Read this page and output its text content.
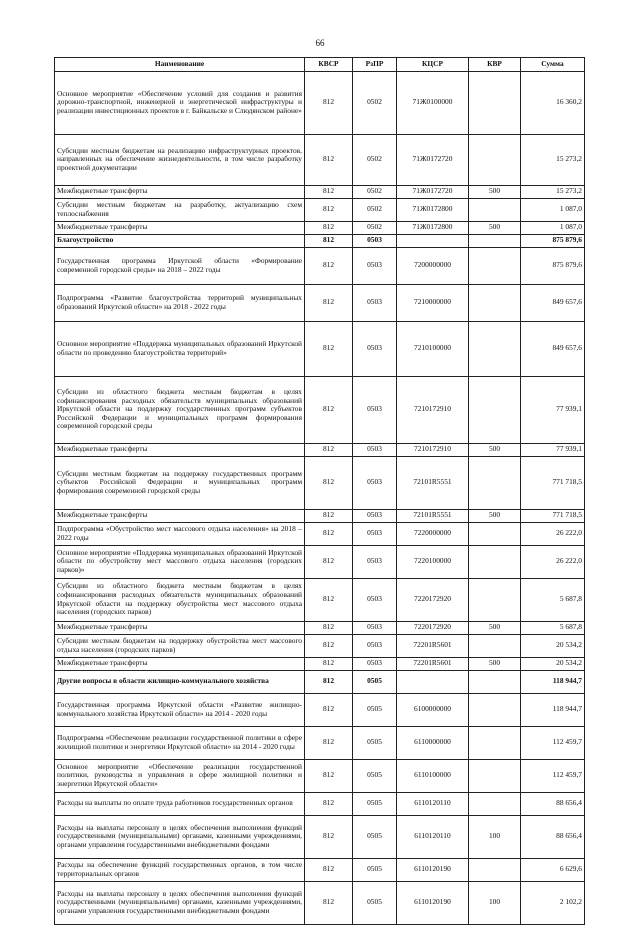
66
Наименование	КВСР	РзПР	КЦСР	КВР	Сумма
Основное мероприятие «Обеспечение условий для создания и развития дорожно-транспортной, инженерной и энергетической инфраструктуры и реализации инвестиционных проектов в г. Байкальске и Слюдянском районе»	812	0502	71Ж0100000		16 360,2
Субсидии местным бюджетам на реализацию инфраструктурных проектов, направленных на обеспечение жизнедеятельности, в том числе разработку проектной документации	812	0502	71Ж0172720		15 273,2
Межбюджетные трансферты	812	0502	71Ж0172720	500	15 273,2
Субсидии местным бюджетам на разработку, актуализацию схем теплоснабжения	812	0502	71Ж0172800		1 087,0
Межбюджетные трансферты	812	0502	71Ж0172800	500	1 087,0
Благоустройство	812	0503			875 879,6
Государственная программа Иркутской области «Формирование современной городской среды» на 2018 – 2022 годы	812	0503	7200000000		875 879,6
Подпрограмма «Развитие благоустройства территорий муниципальных образований Иркутской области» на 2018 - 2022 годы	812	0503	7210000000		849 657,6
Основное мероприятие «Поддержка муниципальных образований Иркутской области по проведению благоустройства территорий»	812	0503	7210100000		849 657,6
Субсидии из областного бюджета местным бюджетам в целях софинансирования расходных обязательств муниципальных образований Иркутской области на поддержку государственных программ субъектов Российской Федерации и муниципальных программ формирования современной городской среды	812	0503	7210172910		77 939,1
Межбюджетные трансферты	812	0503	7210172910	500	77 939,1
Субсидии местным бюджетам на поддержку государственных программ субъектов Российской Федерации и муниципальных программ формирования современной городской среды	812	0503	72101R5551		771 718,5
Межбюджетные трансферты	812	0503	72101R5551	500	771 718,5
Подпрограмма «Обустройство мест массового отдыха населения» на 2018 – 2022 годы	812	0503	7220000000		26 222,0
Основное мероприятие «Поддержка муниципальных образований Иркутской области по обустройству мест массового отдыха населения (городских парков)»	812	0503	7220100000		26 222,0
Субсидии из областного бюджета местным бюджетам в целях софинансирования расходных обязательств муниципальных образований Иркутской области на поддержку обустройства мест массового отдыха населения (городских парков)	812	0503	7220172920		5 687,8
Межбюджетные трансферты	812	0503	7220172920	500	5 687,8
Субсидии местным бюджетам на поддержку обустройства мест массового отдыха населения (городских парков)	812	0503	72201R5601		20 534,2
Межбюджетные трансферты	812	0503	72201R5601	500	20 534,2
Другие вопросы в области жилищно-коммунального хозяйства	812	0505			118 944,7
Государственная программа Иркутской области «Развитие жилищно-коммунального хозяйства Иркутской области» на 2014 - 2020 годы	812	0505	6100000000		118 944,7
Подпрограмма «Обеспечение реализации государственной политики в сфере жилищной политики и энергетики Иркутской области» на 2014 - 2020 годы	812	0505	6110000000		112 459,7
Основное мероприятие «Обеспечение реализации государственной политики, руководства и управления в сфере жилищной политики и энергетики Иркутской области»	812	0505	6110100000		112 459,7
Расходы на выплаты по оплате труда работников государственных органов	812	0505	6110120110		88 656,4
Расходы на выплаты персоналу в целях обеспечения выполнения функций государственными (муниципальными) органами, казенными учреждениями, органами управления государственными внебюджетными фондами	812	0505	6110120110	100	88 656,4
Расходы на обеспечение функций государственных органов, в том числе территориальных органов	812	0505	6110120190		6 629,6
Расходы на выплаты персоналу в целях обеспечения выполнения функций государственными (муниципальными) органами, казенными учреждениями, органами управления государственными внебюджетными фондами	812	0505	6110120190	100	2 102,2
